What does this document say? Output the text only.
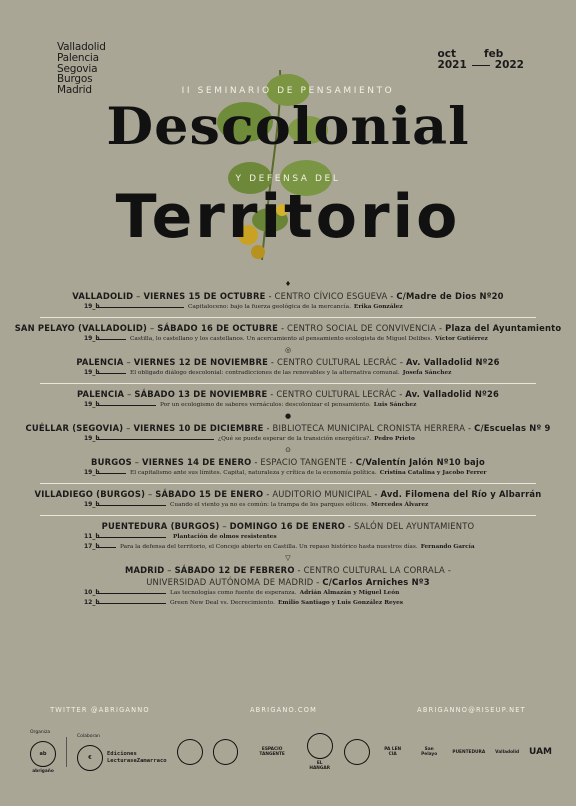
Valladolid
Palencia
Segovia
Burgos
Madrid
oct	feb
2021	2022
II SEMINARIO DE PENSAMIENTO
Descolonial
Y DEFENSA DEL
Territorio
♦
VALLADOLID – VIERNES 15 DE OCTUBRE - CENTRO CÍVICO ESGUEVA - C/Madre de Dios Nº20
19_h	Capitaloceno: bajo la fuerza geológica de la mercancía. Erika González
SAN PELAYO (VALLADOLID) – SÁBADO 16 DE OCTUBRE - CENTRO SOCIAL DE CONVIVENCIA - Plaza del Ayuntamiento
19_h	Castilla, lo castellano y los castellanos. Un acercamiento al pensamiento ecologista de Miguel Delibes. Víctor Gutiérrez
◎
PALENCIA – VIERNES 12 DE NOVIEMBRE - CENTRO CULTURAL LECRÁC - Av. Valladolid Nº26
19_h	El obligado diálogo descolonial: contradicciones de las renovables y la alternativa comunal. Josefa Sánchez
PALENCIA – SÁBADO 13 DE NOVIEMBRE - CENTRO CULTURAL LECRÁC - Av. Valladolid Nº26
19_h	Por un ecologismo de saberes vernáculos: descolonizar el pensamiento. Luis Sánchez
●
CUÉLLAR (SEGOVIA) – VIERNES 10 DE DICIEMBRE - BIBLIOTECA MUNICIPAL CRONISTA HERRERA - C/Escuelas Nº 9
19_h	¿Qué se puede esperar de la transición energética?. Pedro Prieto
⊙
BURGOS – VIERNES 14 DE ENERO - ESPACIO TANGENTE - C/Valentín Jalón Nº10 bajo
19_h	El capitalismo ante sus límites. Capital, naturaleza y crítica de la economía política. Cristina Catalina y Jacobo Ferrer
VILLADIEGO (BURGOS) – SÁBADO 15 DE ENERO - AUDITORIO MUNICIPAL - Avd. Filomena del Río y Albarrán
19_h	Cuando el viento ya no es común: la trampa de los parques eólicos. Mercedes Álvarez
PUENTEDURA (BURGOS) – DOMINGO 16 DE ENERO - SALÓN DEL AYUNTAMIENTO
11_h	Plantación de olmos resistentes
17_h	Para la defensa del territorio, el Concejo abierto en Castilla. Un repaso histórico hasta nuestros días. Fernando García
▽
MADRID – SÁBADO 12 DE FEBRERO - CENTRO CULTURAL LA CORRALA -
UNIVERSIDAD AUTÓNOMA DE MADRID - C/Carlos Arniches Nº3
10_h	Las tecnologías como fuente de esperanza. Adrián Almazán y Miguel León
12_h	Green New Deal vs. Decrecimiento. Emilio Santiago y Luis González Reyes
TWITTER @ABRIGANNO	ABRIGANO.COM	ABRIGANNO@RISEUP.NET
Organiza
ab
abrigaño
Colaboran
€
Ediciones
LecturaseZamarraco
ESPACIO TANGENTE
EL HANGAR
PA LEN CIA
San Pelayo	PUENTEDURA Valladolid UAM
